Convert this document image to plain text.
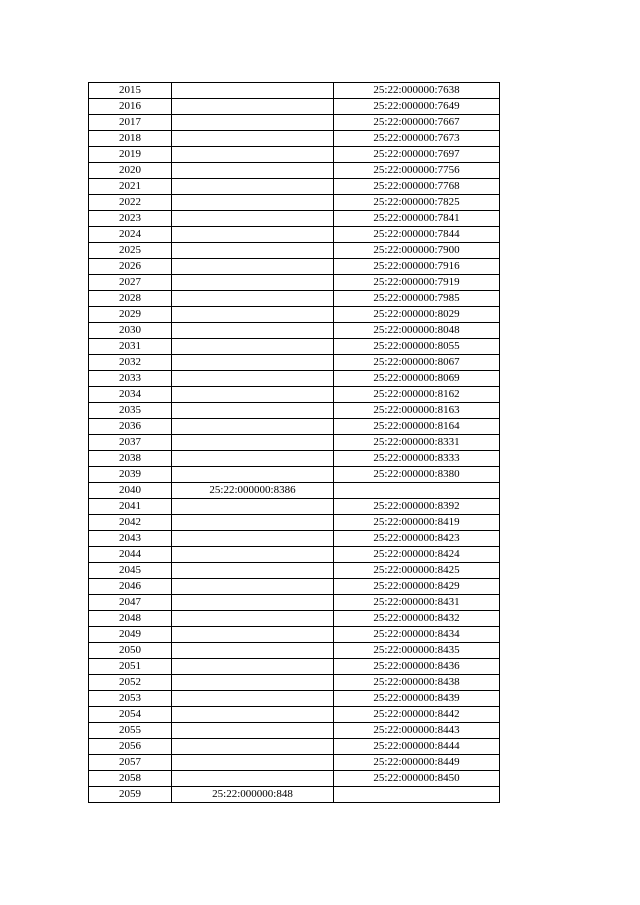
2015		25:22:000000:7638
2016		25:22:000000:7649
2017		25:22:000000:7667
2018		25:22:000000:7673
2019		25:22:000000:7697
2020		25:22:000000:7756
2021		25:22:000000:7768
2022		25:22:000000:7825
2023		25:22:000000:7841
2024		25:22:000000:7844
2025		25:22:000000:7900
2026		25:22:000000:7916
2027		25:22:000000:7919
2028		25:22:000000:7985
2029		25:22:000000:8029
2030		25:22:000000:8048
2031		25:22:000000:8055
2032		25:22:000000:8067
2033		25:22:000000:8069
2034		25:22:000000:8162
2035		25:22:000000:8163
2036		25:22:000000:8164
2037		25:22:000000:8331
2038		25:22:000000:8333
2039		25:22:000000:8380
2040	25:22:000000:8386	
2041		25:22:000000:8392
2042		25:22:000000:8419
2043		25:22:000000:8423
2044		25:22:000000:8424
2045		25:22:000000:8425
2046		25:22:000000:8429
2047		25:22:000000:8431
2048		25:22:000000:8432
2049		25:22:000000:8434
2050		25:22:000000:8435
2051		25:22:000000:8436
2052		25:22:000000:8438
2053		25:22:000000:8439
2054		25:22:000000:8442
2055		25:22:000000:8443
2056		25:22:000000:8444
2057		25:22:000000:8449
2058		25:22:000000:8450
2059	25:22:000000:848	
